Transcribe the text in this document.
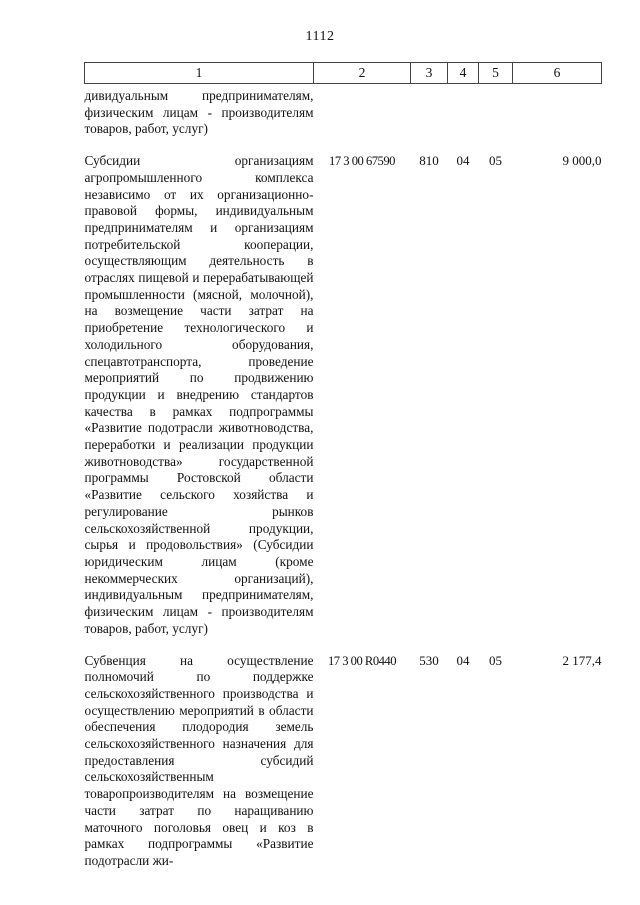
1112
1	2	3	4	5	6
дивидуальным предпринимателям, физическим лицам - производителям товаров, работ, услуг)					
Субсидии организациям агропромышленного комплекса независимо от их организационно-правовой формы, индивидуальным предпринимателям и организациям потребительской кооперации, осуществляющим деятельность в отраслях пищевой и перерабатывающей промышленности (мясной, молочной), на возмещение части затрат на приобретение технологического и холодильного оборудования, спецавтотранспорта, проведение мероприятий по продвижению продукции и внедрению стандартов качества в рамках подпрограммы «Развитие подотрасли животноводства, переработки и реализации продукции животноводства» государственной программы Ростовской области «Развитие сельского хозяйства и регулирование рынков сельскохозяйственной продукции, сырья и продовольствия» (Субсидии юридическим лицам (кроме некоммерческих организаций), индивидуальным предпринимателям, физическим лицам - производителям товаров, работ, услуг)	17 3 00 67590	810	04	05	9 000,0
Субвенция на осуществление полномочий по поддержке сельскохозяйственного производства и осуществлению мероприятий в области обеспечения плодородия земель сельскохозяйственного назначения для предоставления субсидий сельскохозяйственным товаропроизводителям на возмещение части затрат по наращиванию маточного поголовья овец и коз в рамках подпрограммы «Развитие подотрасли жи-	17 3 00 R0440	530	04	05	2 177,4
